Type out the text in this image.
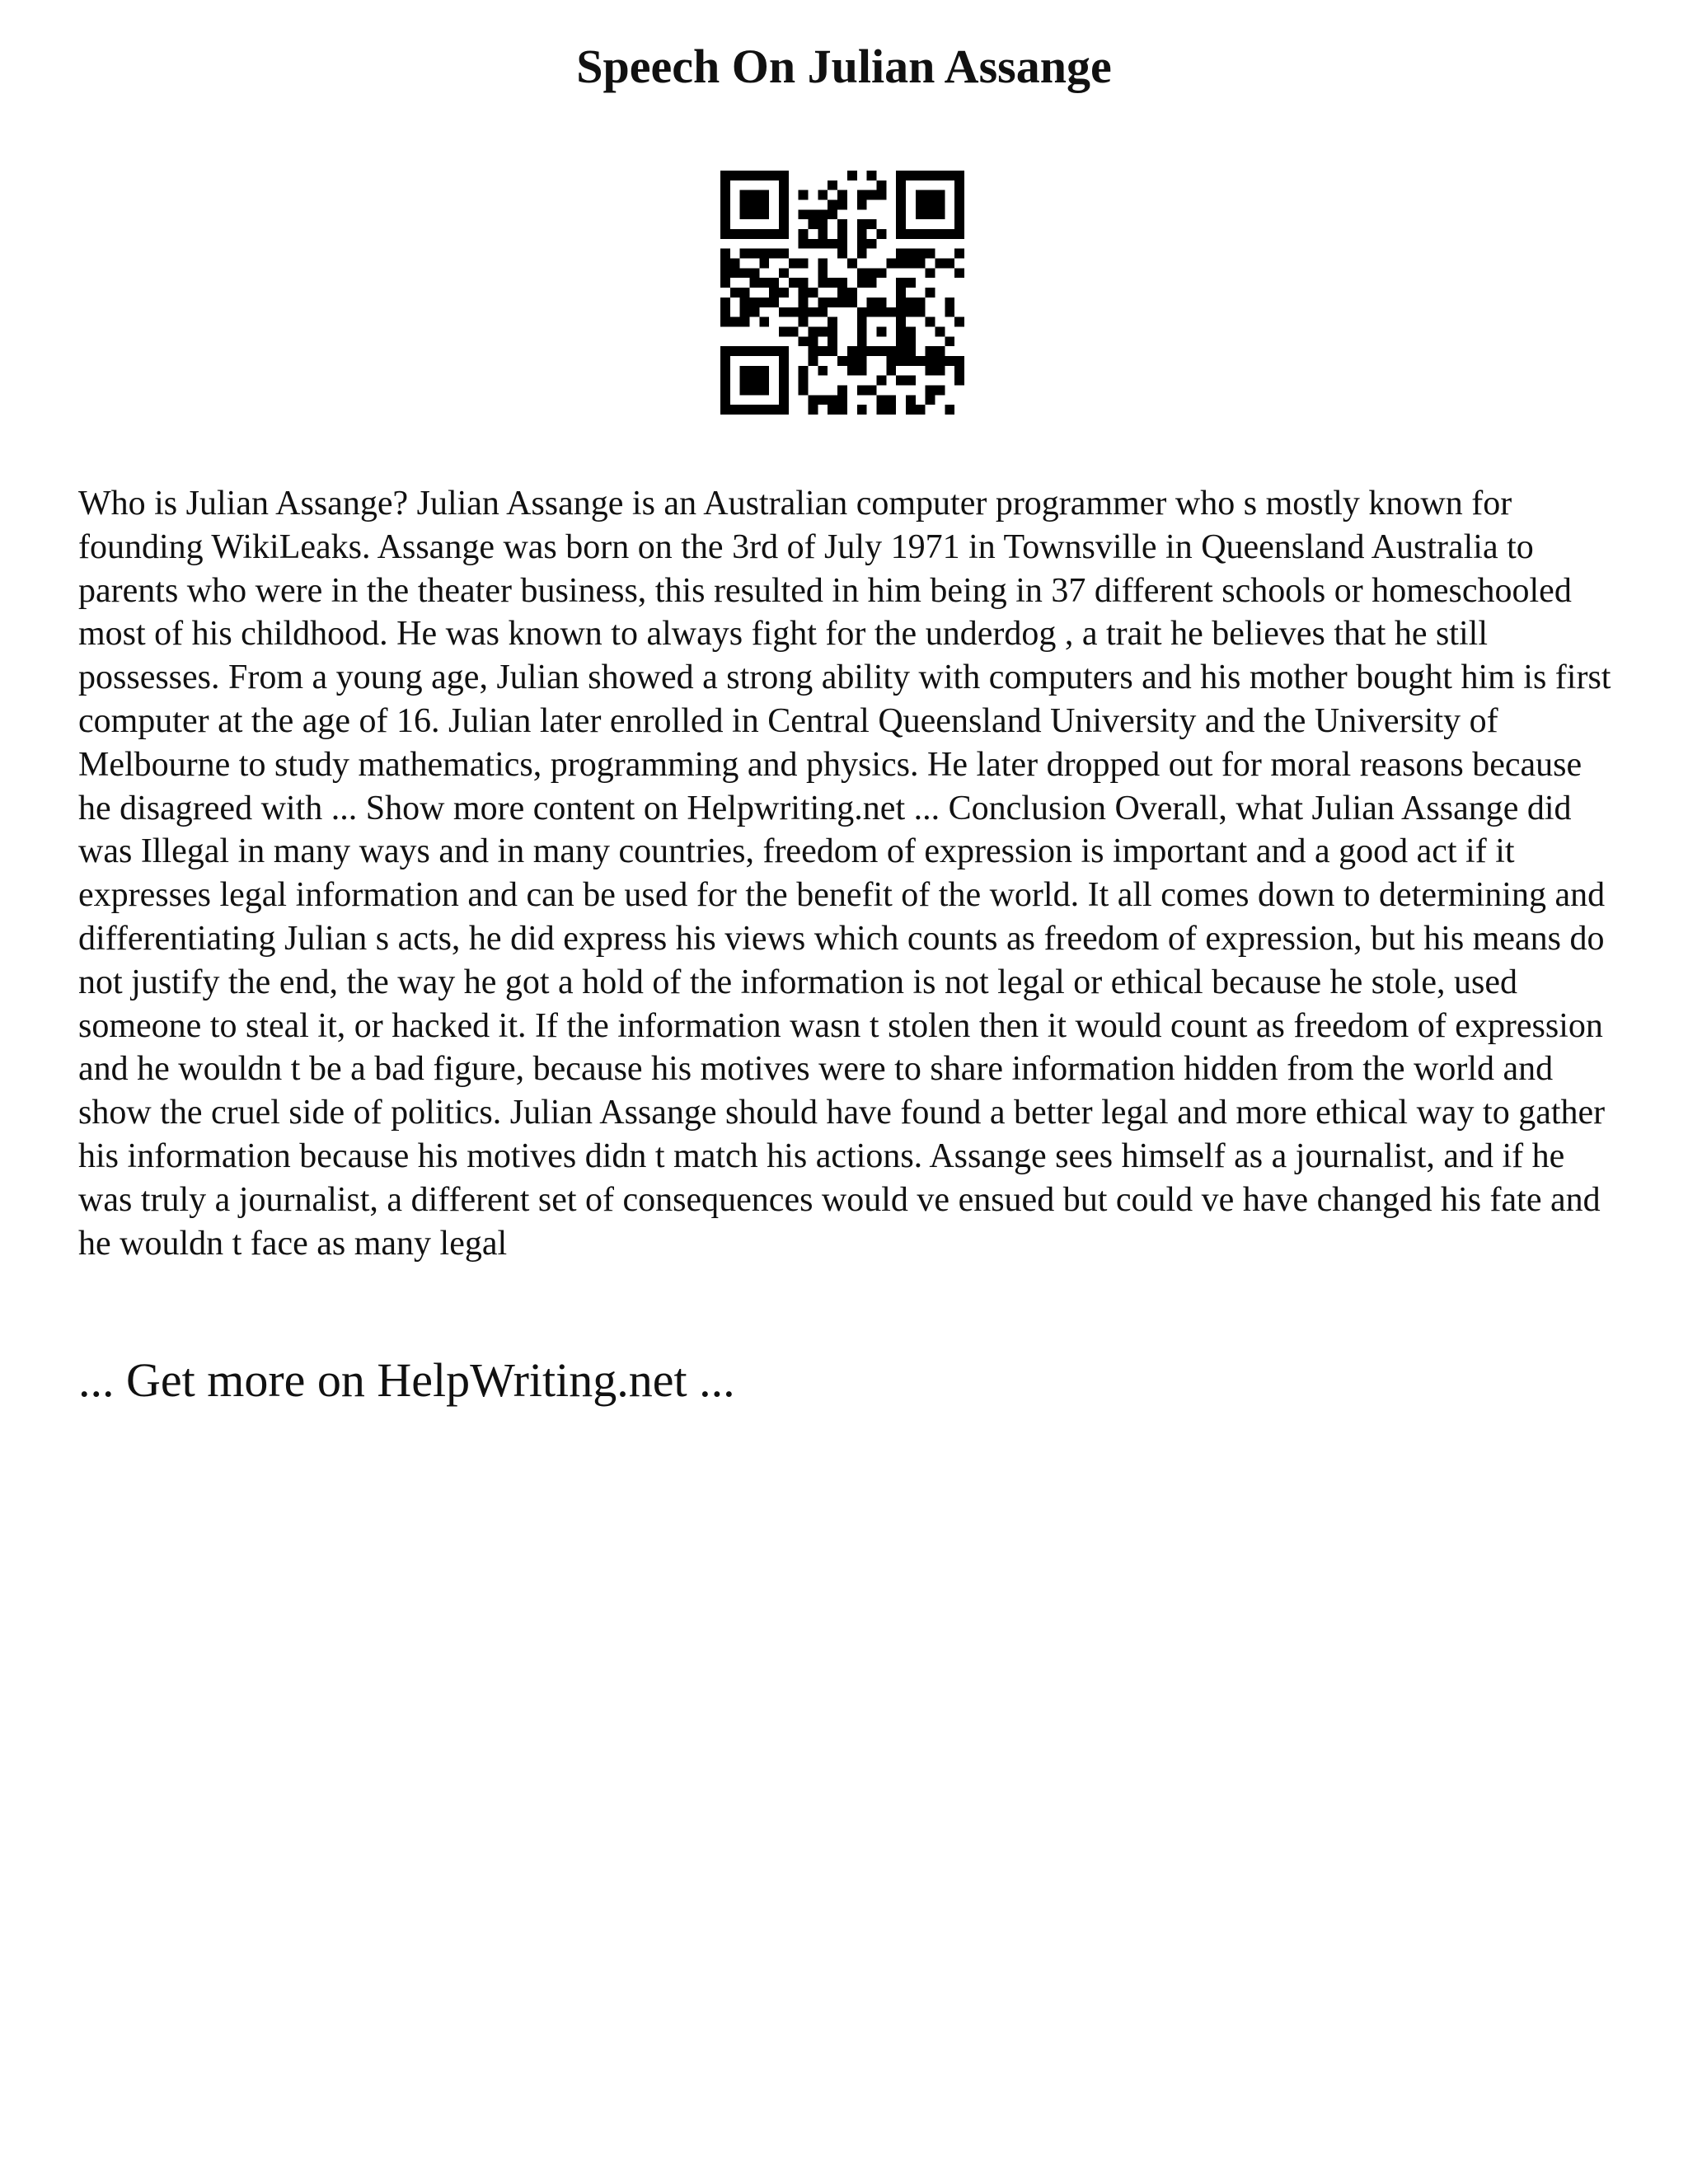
Speech On Julian Assange

Who is Julian Assange? Julian Assange is an Australian computer programmer who s mostly known for founding WikiLeaks. Assange was born on the 3rd of July 1971 in Townsville in Queensland Australia to parents who were in the theater business, this resulted in him being in 37 different schools or homeschooled most of his childhood. He was known to always fight for the underdog , a trait he believes that he still possesses. From a young age, Julian showed a strong ability with computers and his mother bought him is first computer at the age of 16. Julian later enrolled in Central Queensland University and the University of Melbourne to study mathematics, programming and physics. He later dropped out for moral reasons because he disagreed with ... Show more content on Helpwriting.net ... Conclusion Overall, what Julian Assange did was Illegal in many ways and in many countries, freedom of expression is important and a good act if it expresses legal information and can be used for the benefit of the world. It all comes down to determining and differentiating Julian s acts, he did express his views which counts as freedom of expression, but his means do not justify the end, the way he got a hold of the information is not legal or ethical because he stole, used someone to steal it, or hacked it. If the information wasn t stolen then it would count as freedom of expression and he wouldn t be a bad figure, because his motives were to share information hidden from the world and show the cruel side of politics. Julian Assange should have found a better legal and more ethical way to gather his information because his motives didn t match his actions. Assange sees himself as a journalist, and if he was truly a journalist, a different set of consequences would ve ensued but could ve have changed his fate and he wouldn t face as many legal

... Get more on HelpWriting.net ...
